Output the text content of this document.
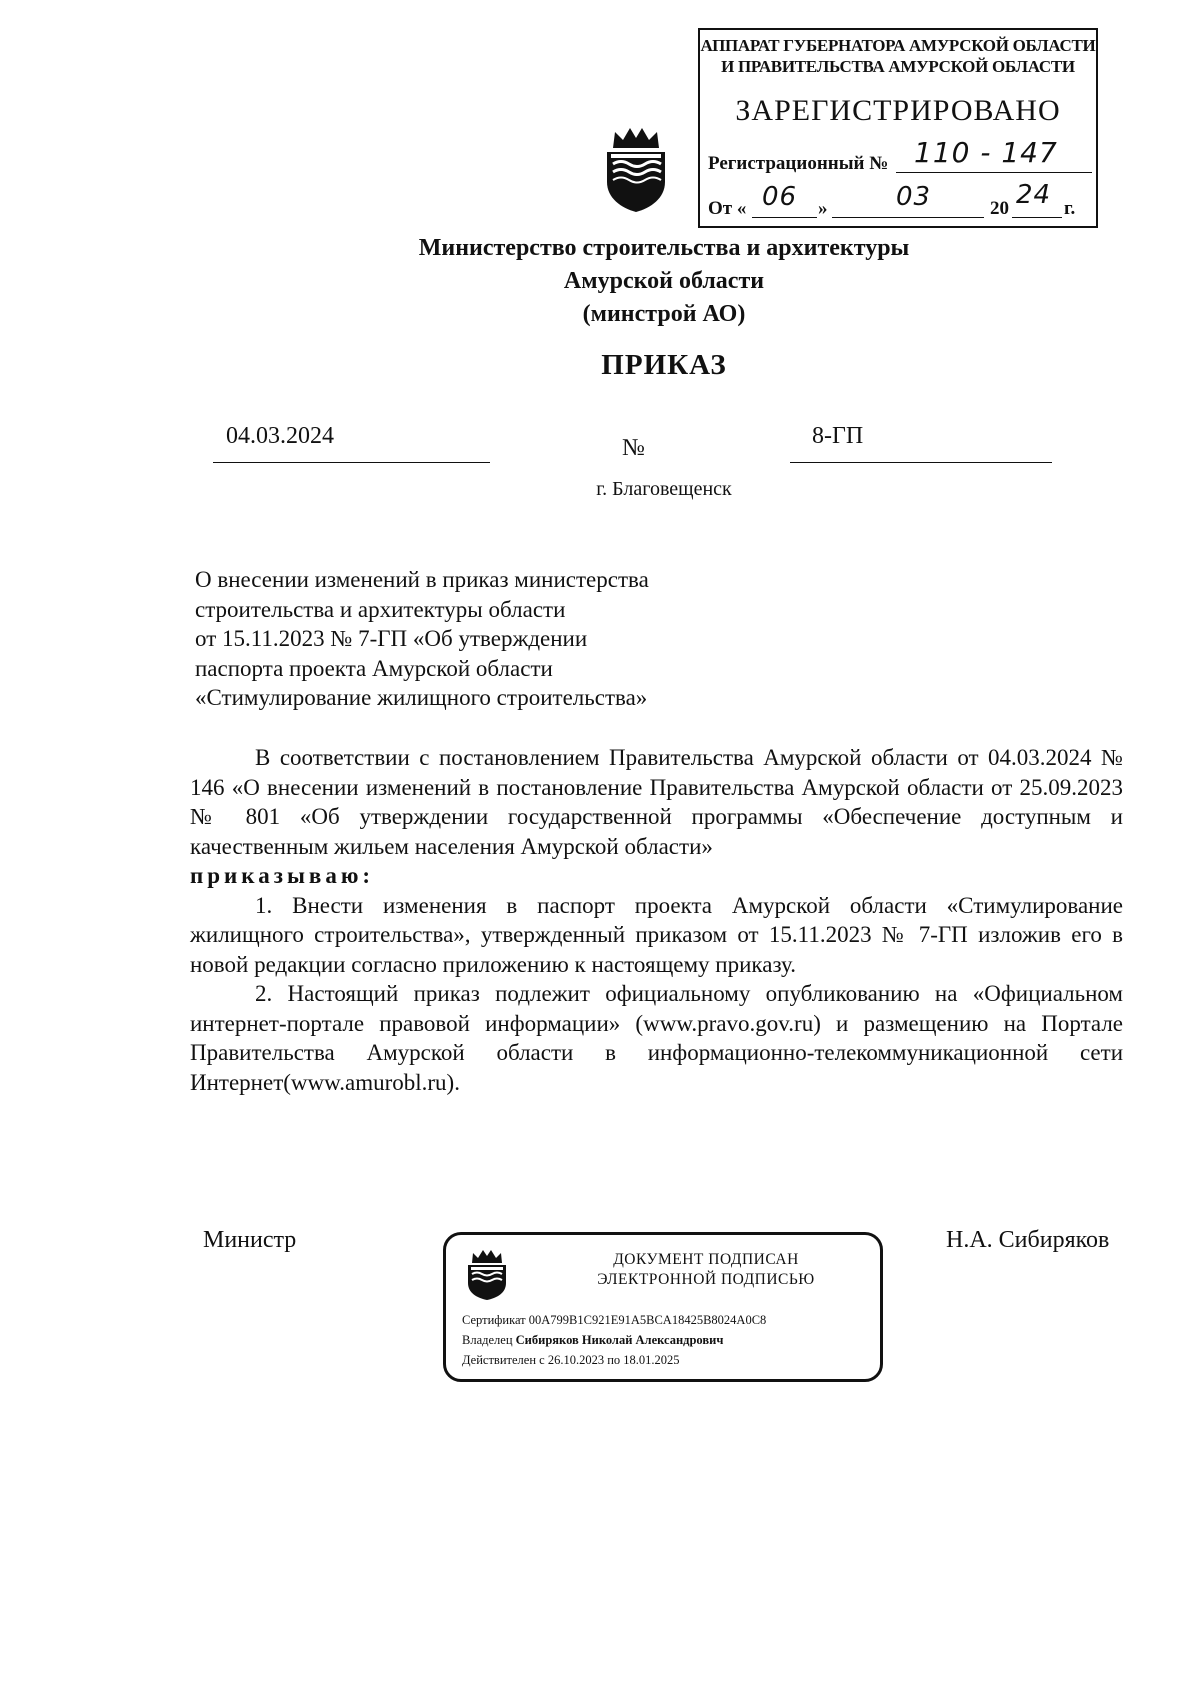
АППАРАТ ГУБЕРНАТОРА АМУРСКОЙ ОБЛАСТИ
И ПРАВИТЕЛЬСТВА АМУРСКОЙ ОБЛАСТИ
ЗАРЕГИСТРИРОВАНО
Регистрационный № 110 - 147
От « 06 »	03	20 24 г.
Министерство строительства и архитектуры
Амурской области
(минстрой АО)
ПРИКАЗ
04.03.2024	№	8-ГП
г. Благовещенск
О внесении изменений в приказ министерства
строительства и архитектуры области
от 15.11.2023 № 7-ГП «Об утверждении
паспорта проекта Амурской области
«Стимулирование жилищного строительства»

В соответствии с постановлением Правительства Амурской области от 04.03.2024 № 146 «О внесении изменений в постановление Правительства Амурской области от 25.09.2023 № 801 «Об утверждении государственной программы «Обеспечение доступным и качественным жильем населения Амурской области»

приказываю:

1. Внести изменения в паспорт проекта Амурской области «Стимулирование жилищного строительства», утвержденный приказом от 15.11.2023 № 7-ГП изложив его в новой редакции согласно приложению к настоящему приказу.

2. Настоящий приказ подлежит официальному опубликованию на «Официальном интернет-портале правовой информации» (www.pravo.gov.ru) и размещению на Портале Правительства Амурской области в информационно-телекоммуникационной сети Интернет(www.amurobl.ru).

Министр	Н.А. Сибиряков
ДОКУМЕНТ ПОДПИСАН
ЭЛЕКТРОННОЙ ПОДПИСЬЮ
Сертификат 00A799B1C921E91A5BCA18425B8024A0C8
Владелец Сибиряков Николай Александрович
Действителен с 26.10.2023 по 18.01.2025
